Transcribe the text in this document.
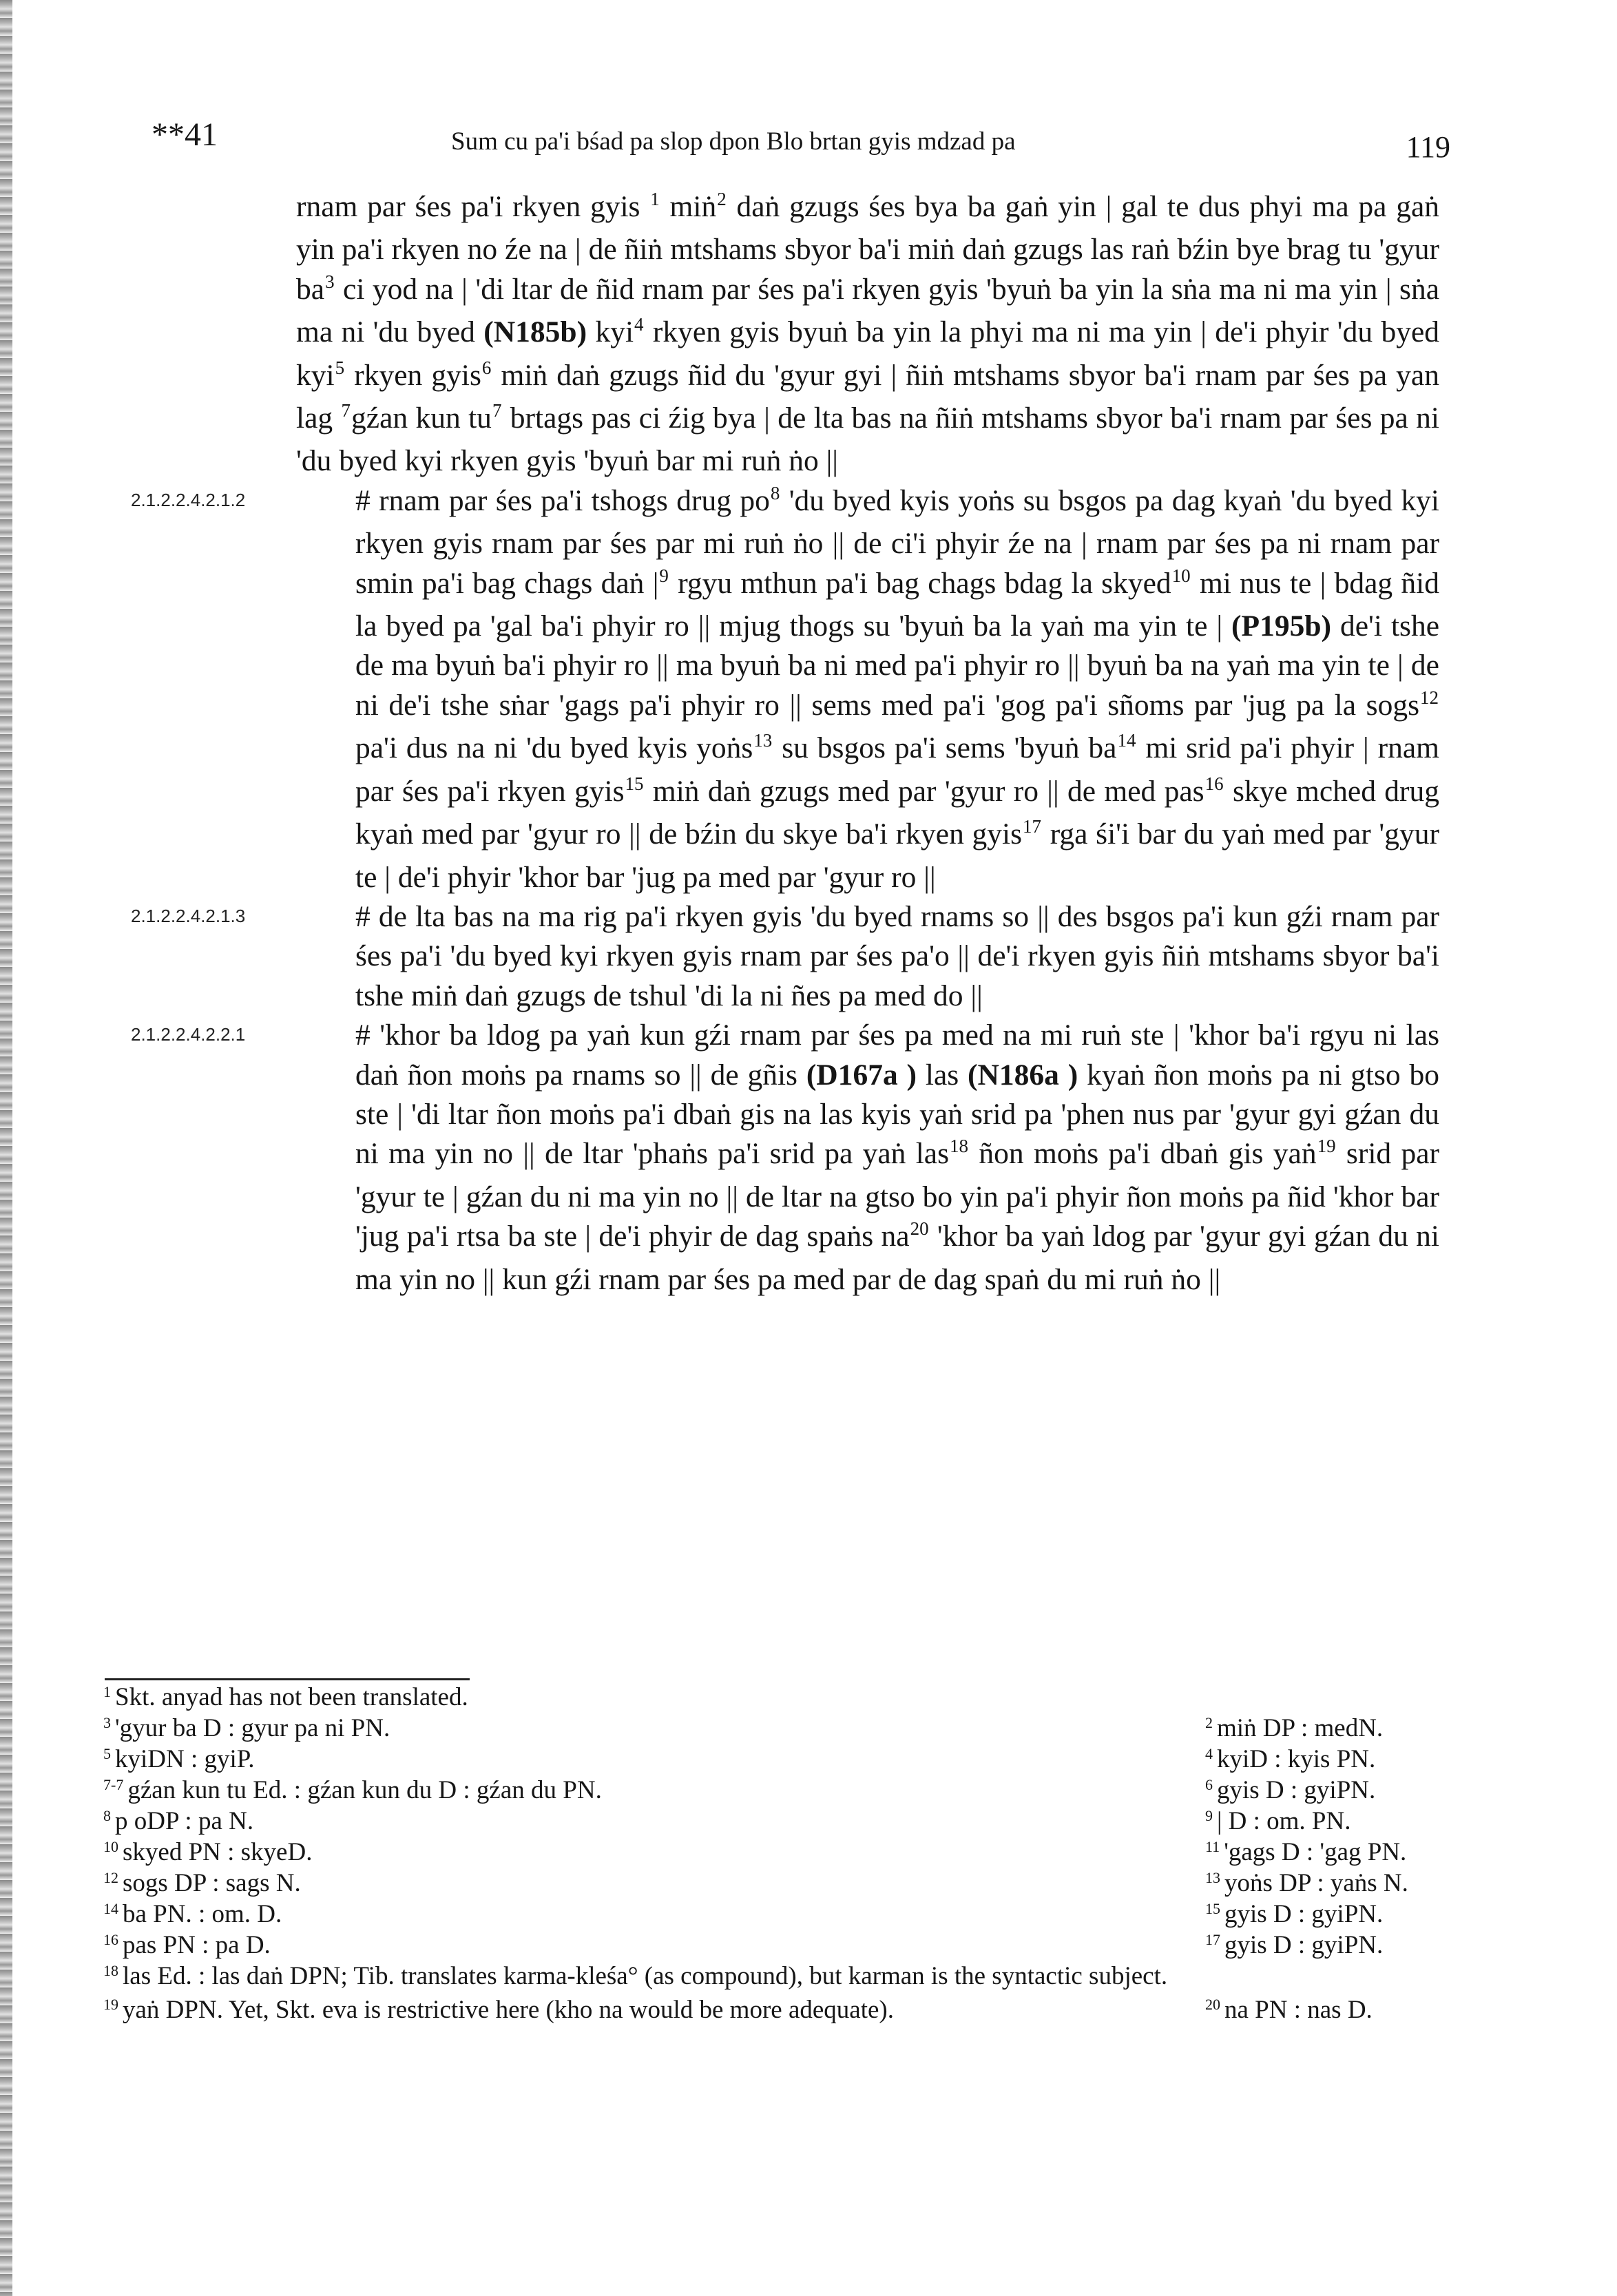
**41	Sum cu pa'i bśad pa slop dpon Blo brtan gyis mdzad pa	119

rnam par śes pa'i rkyen gyis $^1$ miṅ$^2$ daṅ gzugs śes bya ba gaṅ yin | gal te dus phyi ma pa gaṅ yin pa'i rkyen no źe na | de ñiṅ mtshams sbyor ba'i miṅ daṅ gzugs las raṅ bźin bye brag tu 'gyur ba$^3$ ci yod na | 'di ltar de ñid rnam par śes pa'i rkyen gyis 'byuṅ ba yin la sṅa ma ni ma yin | sṅa ma ni 'du byed (N185b) kyi$^4$ rkyen gyis byuṅ ba yin la phyi ma ni ma yin | de'i phyir 'du byed kyi$^5$ rkyen gyis$^6$ miṅ daṅ gzugs ñid du 'gyur gyi | ñiṅ mtshams sbyor ba'i rnam par śes pa yan lag $^7$gźan kun tu$^7$ brtags pas ci źig bya | de lta bas na ñiṅ mtshams sbyor ba'i rnam par śes pa ni 'du byed kyi rkyen gyis 'byuṅ bar mi ruṅ ṅo ||

2.1.2.2.4.2.1.2	# rnam par śes pa'i tshogs drug po$^8$ 'du byed kyis yoṅs su bsgos pa dag kyaṅ 'du byed kyi rkyen gyis rnam par śes par mi ruṅ ṅo || de ci'i phyir źe na | rnam par śes pa ni rnam par smin pa'i bag chags daṅ |$^9$ rgyu mthun pa'i bag chags bdag la skyed$^{10}$ mi nus te | bdag ñid la byed pa 'gal ba'i phyir ro || mjug thogs su 'byuṅ ba la yaṅ ma yin te | (P195b) de'i tshe de ma byuṅ ba'i phyir ro || ma byuṅ ba ni med pa'i phyir ro || byuṅ ba na yaṅ ma yin te | de ni de'i tshe sṅar 'gags pa'i phyir ro || sems med pa'i 'gog pa'i sñoms par 'jug pa la sogs$^{12}$ pa'i dus na ni 'du byed kyis yoṅs$^{13}$ su bsgos pa'i sems 'byuṅ ba$^{14}$ mi srid pa'i phyir | rnam par śes pa'i rkyen gyis$^{15}$ miṅ daṅ gzugs med par 'gyur ro || de med pas$^{16}$ skye mched drug kyaṅ med par 'gyur ro || de bźin du skye ba'i rkyen gyis$^{17}$ rga śi'i bar du yaṅ med par 'gyur te | de'i phyir 'khor bar 'jug pa med par 'gyur ro ||

2.1.2.2.4.2.1.3	# de lta bas na ma rig pa'i rkyen gyis 'du byed rnams so || des bsgos pa'i kun gźi rnam par śes pa'i 'du byed kyi rkyen gyis rnam par śes pa'o || de'i rkyen gyis ñiṅ mtshams sbyor ba'i tshe miṅ daṅ gzugs de tshul 'di la ni ñes pa med do ||

2.1.2.2.4.2.2.1	# 'khor ba ldog pa yaṅ kun gźi rnam par śes pa med na mi ruṅ ste | 'khor ba'i rgyu ni las daṅ ñon moṅs pa rnams so || de gñis (D167a ) las (N186a ) kyaṅ ñon moṅs pa ni gtso bo ste | 'di ltar ñon moṅs pa'i dbaṅ gis na las kyis yaṅ srid pa 'phen nus par 'gyur gyi gźan du ni ma yin no || de ltar 'phaṅs pa'i srid pa yaṅ las$^{18}$ ñon moṅs pa'i dbaṅ gis yaṅ$^{19}$ srid par 'gyur te | gźan du ni ma yin no || de ltar na gtso bo yin pa'i phyir ñon moṅs pa ñid 'khor bar 'jug pa'i rtsa ba ste | de'i phyir de dag spaṅs na$^{20}$ 'khor ba yaṅ ldog par 'gyur gyi gźan du ni ma yin no || kun gźi rnam par śes pa med par de dag spaṅ du mi ruṅ ṅo ||

$^1$ Skt. anyad has not been translated.
$^3$ 'gyur ba D : gyur pa ni PN.	$^2$ miṅ DP : medN.
$^5$ kyiDN : gyiP.	$^4$ kyiD : kyis PN.
$^{7-7}$ gźan kun tu Ed. : gźan kun du D : gźan du PN.	$^6$ gyis D : gyiPN.
$^8$ p oDP : pa N.	$^9$ | D : om. PN.
$^{10}$ skyed PN : skyeD.	$^{11}$ 'gags D : 'gag PN.
$^{12}$ sogs DP : sags N.	$^{13}$ yoṅs DP : yaṅs N.
$^{14}$ ba PN. : om. D.	$^{15}$ gyis D : gyiPN.
$^{16}$ pas PN : pa D.	$^{17}$ gyis D : gyiPN.
$^{18}$ las Ed. : las daṅ DPN; Tib. translates karma-kleśa° (as compound), but karman is the syntactic subject.
$^{19}$ yaṅ DPN. Yet, Skt. eva is restrictive here (kho na would be more adequate).	$^{20}$ na PN : nas D.
